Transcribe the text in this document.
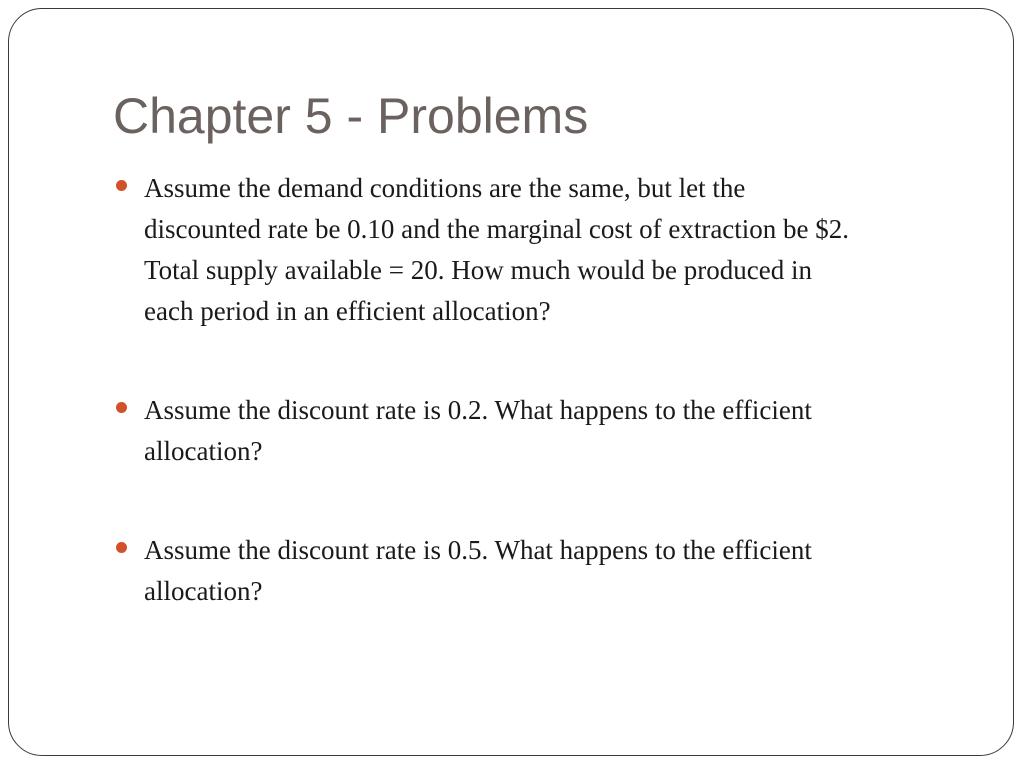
Chapter 5 - Problems
Assume the demand conditions are the same, but let the
discounted rate be 0.10 and the marginal cost of extraction be $2.
Total supply available = 20. How much would be produced in
each period in an efficient allocation?
Assume the discount rate is 0.2. What happens to the efficient
allocation?
Assume the discount rate is 0.5. What happens to the efficient
allocation?
